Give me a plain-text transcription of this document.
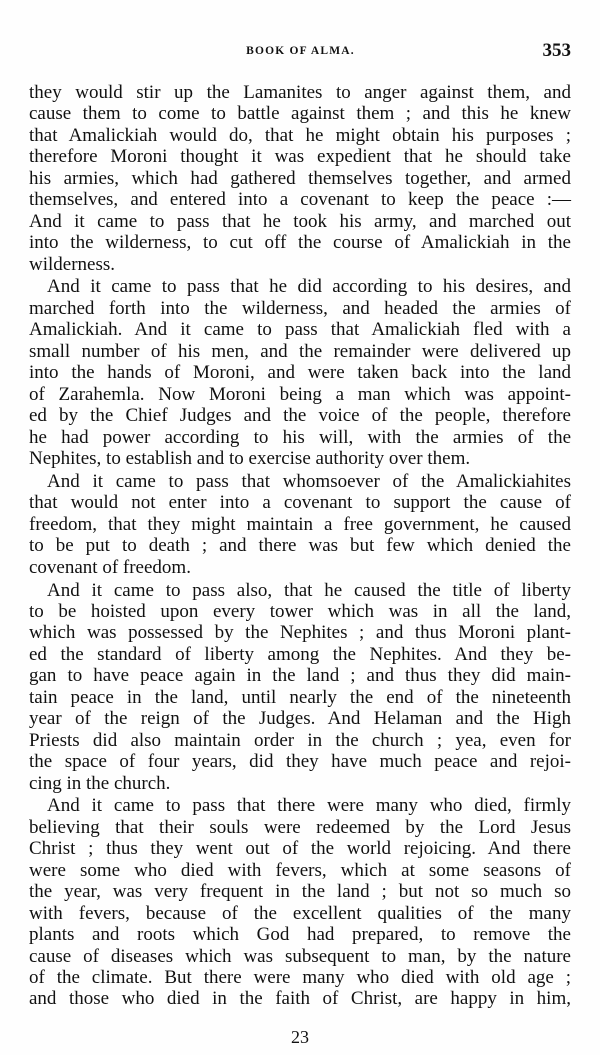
BOOK OF ALMA.	353
they would stir up the Lamanites to anger against them, and
cause them to come to battle against them ; and this he knew
that Amalickiah would do, that he might obtain his purposes ;
therefore Moroni thought it was expedient that he should take
his armies, which had gathered themselves together, and armed
themselves, and entered into a covenant to keep the peace :—
And it came to pass that he took his army, and marched out
into the wilderness, to cut off the course of Amalickiah in the
wilderness.
And it came to pass that he did according to his desires, and
marched forth into the wilderness, and headed the armies of
Amalickiah. And it came to pass that Amalickiah fled with a
small number of his men, and the remainder were delivered up
into the hands of Moroni, and were taken back into the land
of Zarahemla. Now Moroni being a man which was appoint-
ed by the Chief Judges and the voice of the people, therefore
he had power according to his will, with the armies of the
Nephites, to establish and to exercise authority over them.
And it came to pass that whomsoever of the Amalickiahites
that would not enter into a covenant to support the cause of
freedom, that they might maintain a free government, he caused
to be put to death ; and there was but few which denied the
covenant of freedom.
And it came to pass also, that he caused the title of liberty
to be hoisted upon every tower which was in all the land,
which was possessed by the Nephites ; and thus Moroni plant-
ed the standard of liberty among the Nephites. And they be-
gan to have peace again in the land ; and thus they did main-
tain peace in the land, until nearly the end of the nineteenth
year of the reign of the Judges. And Helaman and the High
Priests did also maintain order in the church ; yea, even for
the space of four years, did they have much peace and rejoi-
cing in the church.
And it came to pass that there were many who died, firmly
believing that their souls were redeemed by the Lord Jesus
Christ ; thus they went out of the world rejoicing. And there
were some who died with fevers, which at some seasons of
the year, was very frequent in the land ; but not so much so
with fevers, because of the excellent qualities of the many
plants and roots which God had prepared, to remove the
cause of diseases which was subsequent to man, by the nature
of the climate. But there were many who died with old age ;
and those who died in the faith of Christ, are happy in him,
23
